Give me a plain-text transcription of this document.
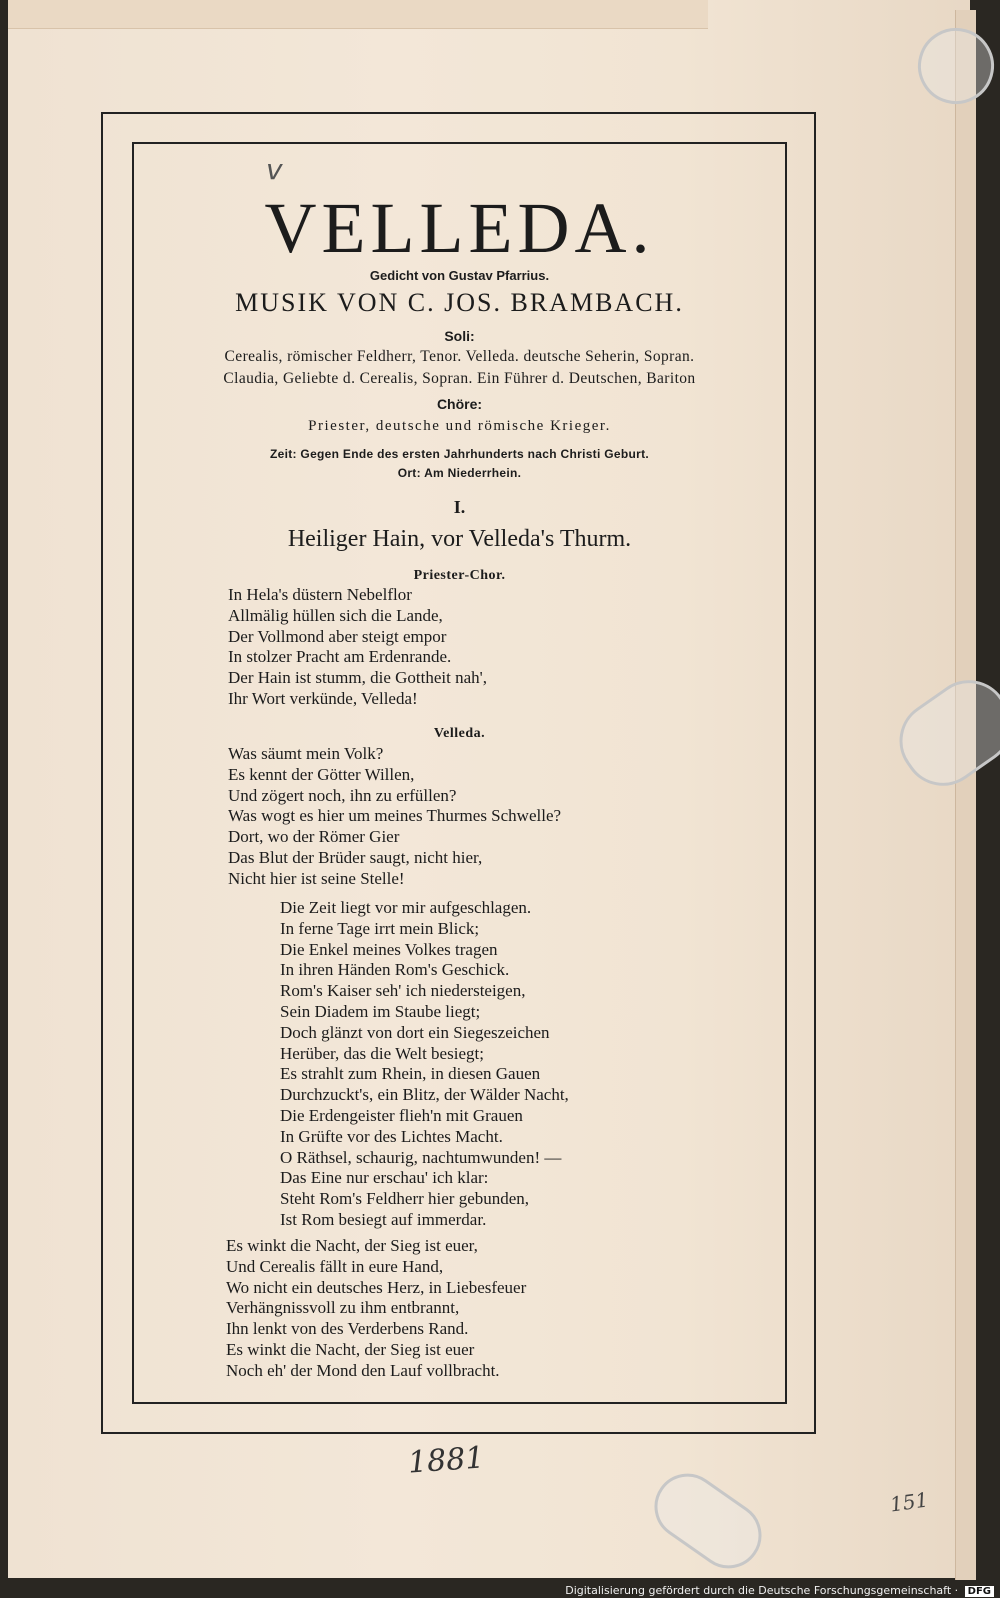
v
VELLEDA.
Gedicht von Gustav Pfarrius.
MUSIK VON C. JOS. BRAMBACH.
Soli:
Cerealis, römischer Feldherr, Tenor. Velleda. deutsche Seherin, Sopran.
Claudia, Geliebte d. Cerealis, Sopran. Ein Führer d. Deutschen, Bariton
Chöre:
Priester, deutsche und römische Krieger.
Zeit: Gegen Ende des ersten Jahrhunderts nach Christi Geburt.
Ort: Am Niederrhein.
I.
Heiliger Hain, vor Velleda's Thurm.
Priester-Chor.
In Hela's düstern Nebelflor
Allmälig hüllen sich die Lande,
Der Vollmond aber steigt empor
In stolzer Pracht am Erdenrande.
Der Hain ist stumm, die Gottheit nah',
Ihr Wort verkünde, Velleda!
Velleda.
Was säumt mein Volk?
Es kennt der Götter Willen,
Und zögert noch, ihn zu erfüllen?
Was wogt es hier um meines Thurmes Schwelle?
Dort, wo der Römer Gier
Das Blut der Brüder saugt, nicht hier,
Nicht hier ist seine Stelle!
Die Zeit liegt vor mir aufgeschlagen.
In ferne Tage irrt mein Blick;
Die Enkel meines Volkes tragen
In ihren Händen Rom's Geschick.
Rom's Kaiser seh' ich niedersteigen,
Sein Diadem im Staube liegt;
Doch glänzt von dort ein Siegeszeichen
Herüber, das die Welt besiegt;
Es strahlt zum Rhein, in diesen Gauen
Durchzuckt's, ein Blitz, der Wälder Nacht,
Die Erdengeister flieh'n mit Grauen
In Grüfte vor des Lichtes Macht.
O Räthsel, schaurig, nachtumwunden! —
Das Eine nur erschau' ich klar:
Steht Rom's Feldherr hier gebunden,
Ist Rom besiegt auf immerdar.
Es winkt die Nacht, der Sieg ist euer,
Und Cerealis fällt in eure Hand,
Wo nicht ein deutsches Herz, in Liebesfeuer
Verhängnissvoll zu ihm entbrannt,
Ihn lenkt von des Verderbens Rand.
Es winkt die Nacht, der Sieg ist euer
Noch eh' der Mond den Lauf vollbracht.
1881
151
Digitalisierung gefördert durch die Deutsche Forschungsgemeinschaft · DFG
